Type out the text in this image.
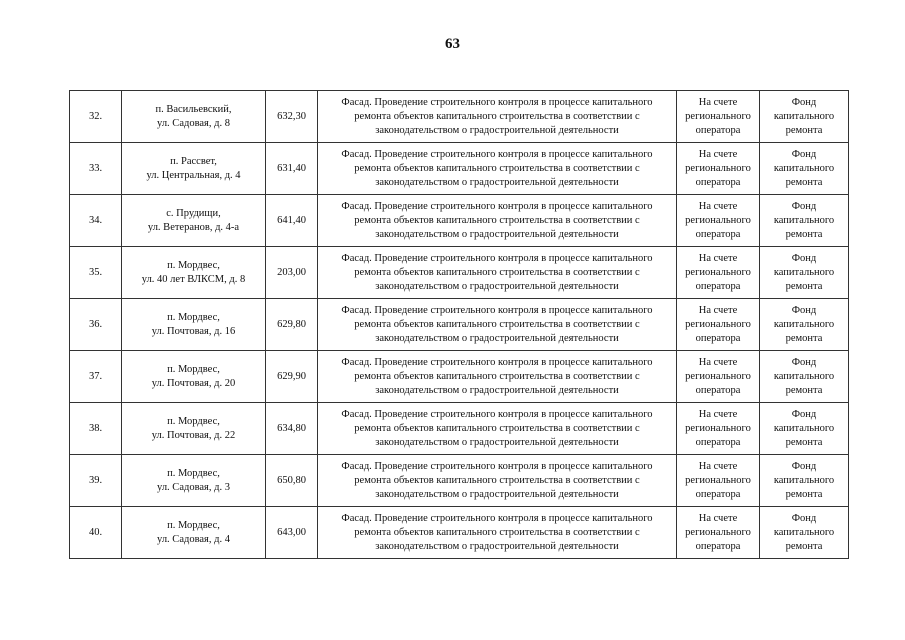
63
32.	п. Васильевский,
ул. Садовая, д. 8	632,30	Фасад. Проведение строительного контроля в процессе капитального
ремонта объектов капитального строительства в соответствии с
законодательством о градостроительной деятельности	На счете
регионального
оператора	Фонд
капитального
ремонта

33.	п. Рассвет,
ул. Центральная, д. 4	631,40	Фасад. Проведение строительного контроля в процессе капитального
ремонта объектов капитального строительства в соответствии с
законодательством о градостроительной деятельности	На счете
регионального
оператора	Фонд
капитального
ремонта

34.	с. Прудищи,
ул. Ветеранов, д. 4-а	641,40	Фасад. Проведение строительного контроля в процессе капитального
ремонта объектов капитального строительства в соответствии с
законодательством о градостроительной деятельности	На счете
регионального
оператора	Фонд
капитального
ремонта

35.	п. Мордвес,
ул. 40 лет ВЛКСМ, д. 8	203,00	Фасад. Проведение строительного контроля в процессе капитального
ремонта объектов капитального строительства в соответствии с
законодательством о градостроительной деятельности	На счете
регионального
оператора	Фонд
капитального
ремонта

36.	п. Мордвес,
ул. Почтовая, д. 16	629,80	Фасад. Проведение строительного контроля в процессе капитального
ремонта объектов капитального строительства в соответствии с
законодательством о градостроительной деятельности	На счете
регионального
оператора	Фонд
капитального
ремонта

37.	п. Мордвес,
ул. Почтовая, д. 20	629,90	Фасад. Проведение строительного контроля в процессе капитального
ремонта объектов капитального строительства в соответствии с
законодательством о градостроительной деятельности	На счете
регионального
оператора	Фонд
капитального
ремонта

38.	п. Мордвес,
ул. Почтовая, д. 22	634,80	Фасад. Проведение строительного контроля в процессе капитального
ремонта объектов капитального строительства в соответствии с
законодательством о градостроительной деятельности	На счете
регионального
оператора	Фонд
капитального
ремонта

39.	п. Мордвес,
ул. Садовая, д. 3	650,80	Фасад. Проведение строительного контроля в процессе капитального
ремонта объектов капитального строительства в соответствии с
законодательством о градостроительной деятельности	На счете
регионального
оператора	Фонд
капитального
ремонта

40.	п. Мордвес,
ул. Садовая, д. 4	643,00	Фасад. Проведение строительного контроля в процессе капитального
ремонта объектов капитального строительства в соответствии с
законодательством о градостроительной деятельности	На счете
регионального
оператора	Фонд
капитального
ремонта
